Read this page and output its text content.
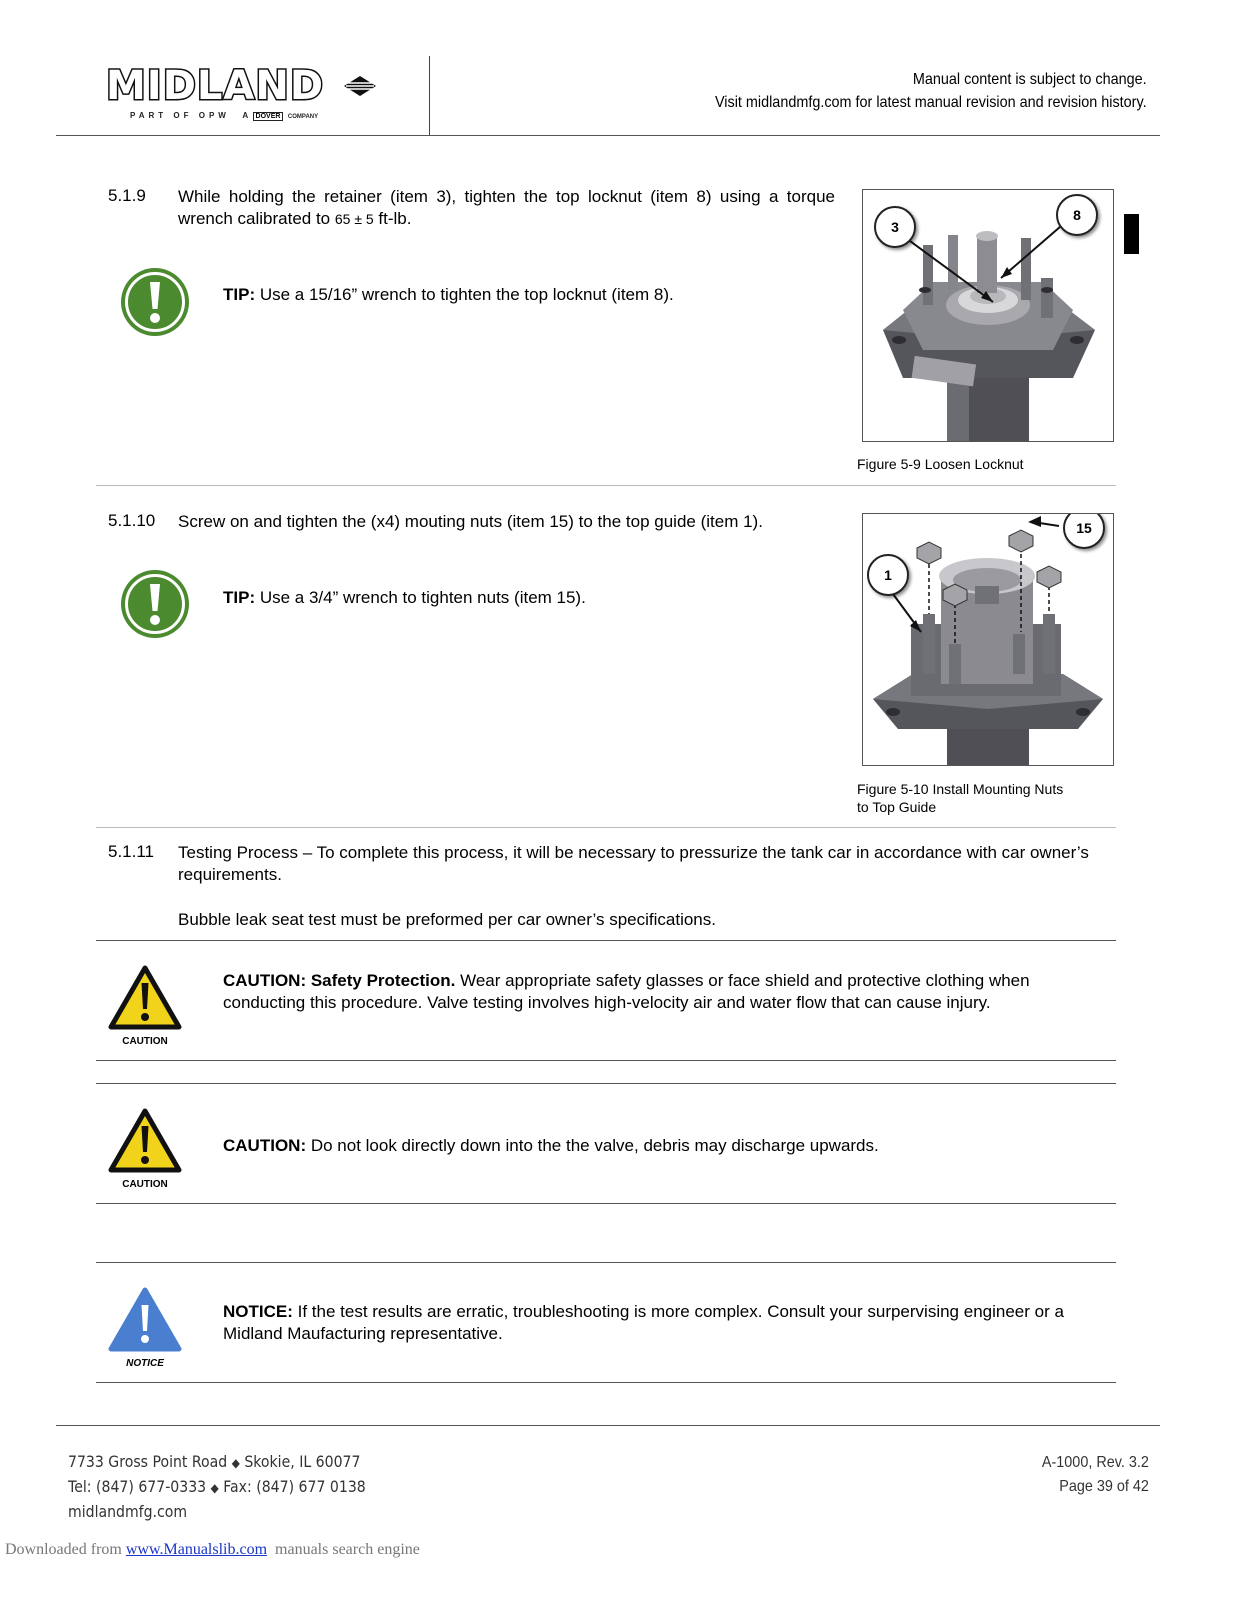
MIDLAND
PART OF OPW A DOVER COMPANY
Manual content is subject to change.
Visit midlandmfg.com for latest manual revision and revision history.
5.1.9 While holding the retainer (item 3), tighten the top locknut (item 8) using a torque wrench calibrated to 65 ± 5 ft-lb.
TIP: Use a 15/16” wrench to tighten the top locknut (item 8).
3
8
Figure 5-9 Loosen Locknut
5.1.10 Screw on and tighten the (x4) mouting nuts (item 15) to the top guide (item 1).
TIP: Use a 3/4” wrench to tighten nuts (item 15).
15
1
Figure 5-10 Install Mounting Nuts
to Top Guide
5.1.11 Testing Process – To complete this process, it will be necessary to pressurize the tank car in accordance with car owner’s requirements.
Bubble leak seat test must be preformed per car owner’s specifications.
CAUTION
CAUTION: Safety Protection. Wear appropriate safety glasses or face shield and protective clothing when conducting this procedure. Valve testing involves high-velocity air and water flow that can cause injury.
CAUTION
CAUTION: Do not look directly down into the the valve, debris may discharge upwards.
NOTICE
NOTICE: If the test results are erratic, troubleshooting is more complex. Consult your surpervising engineer or a Midland Maufacturing representative.
7733 Gross Point Road ◆ Skokie, IL 60077
Tel: (847) 677-0333 ◆ Fax: (847) 677 0138
midlandmfg.com
A-1000, Rev. 3.2
Page 39 of 42
Downloaded from www.Manualslib.com  manuals search engine
